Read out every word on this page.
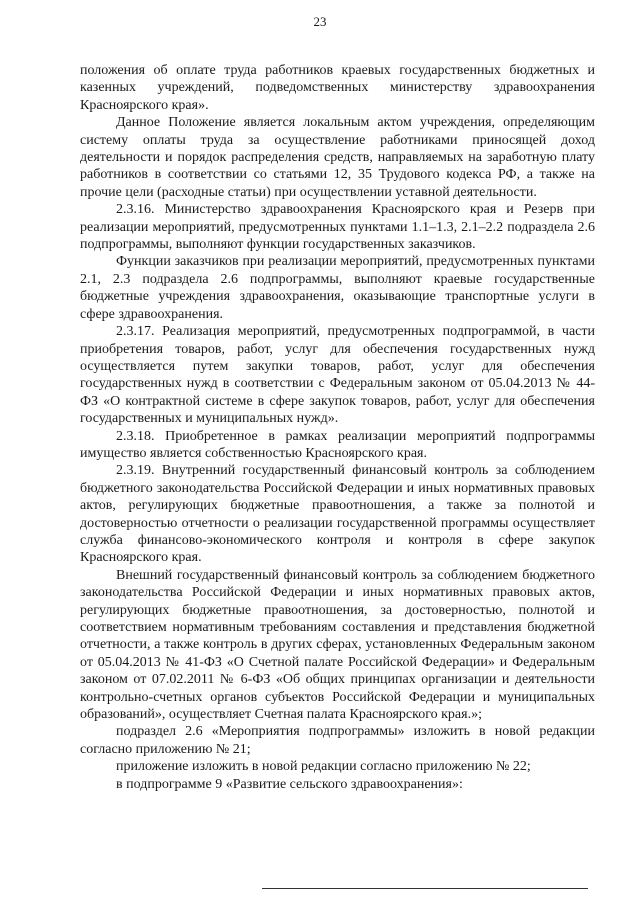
23

положения об оплате труда работников краевых государственных бюджетных и казенных учреждений, подведомственных министерству здравоохранения Красноярского края».

Данное Положение является локальным актом учреждения, определяющим систему оплаты труда за осуществление работниками приносящей доход деятельности и порядок распределения средств, направляемых на заработную плату работников в соответствии со статьями 12, 35 Трудового кодекса РФ, а также на прочие цели (расходные статьи) при осуществлении уставной деятельности.

2.3.16. Министерство здравоохранения Красноярского края и Резерв при реализации мероприятий, предусмотренных пунктами 1.1–1.3, 2.1–2.2 подраздела 2.6 подпрограммы, выполняют функции государственных заказчиков.

Функции заказчиков при реализации мероприятий, предусмотренных пунктами 2.1, 2.3 подраздела 2.6 подпрограммы, выполняют краевые государственные бюджетные учреждения здравоохранения, оказывающие транспортные услуги в сфере здравоохранения.

2.3.17. Реализация мероприятий, предусмотренных подпрограммой, в части приобретения товаров, работ, услуг для обеспечения государственных нужд осуществляется путем закупки товаров, работ, услуг для обеспечения государственных нужд в соответствии с Федеральным законом от 05.04.2013 № 44-ФЗ «О контрактной системе в сфере закупок товаров, работ, услуг для обеспечения государственных и муниципальных нужд».

2.3.18. Приобретенное в рамках реализации мероприятий подпрограммы имущество является собственностью Красноярского края.

2.3.19. Внутренний государственный финансовый контроль за соблюдением бюджетного законодательства Российской Федерации и иных нормативных правовых актов, регулирующих бюджетные правоотношения, а также за полнотой и достоверностью отчетности о реализации государственной программы осуществляет служба финансово-экономического контроля и контроля в сфере закупок Красноярского края.

Внешний государственный финансовый контроль за соблюдением бюджетного законодательства Российской Федерации и иных нормативных правовых актов, регулирующих бюджетные правоотношения, за достоверностью, полнотой и соответствием нормативным требованиям составления и представления бюджетной отчетности, а также контроль в других сферах, установленных Федеральным законом от 05.04.2013 № 41-ФЗ «О Счетной палате Российской Федерации» и Федеральным законом от 07.02.2011 № 6-ФЗ «Об общих принципах организации и деятельности контрольно-счетных органов субъектов Российской Федерации и муниципальных образований», осуществляет Счетная палата Красноярского края.»;

подраздел 2.6 «Мероприятия подпрограммы» изложить в новой редакции согласно приложению № 21;

приложение изложить в новой редакции согласно приложению № 22;

в подпрограмме 9 «Развитие сельского здравоохранения»:
